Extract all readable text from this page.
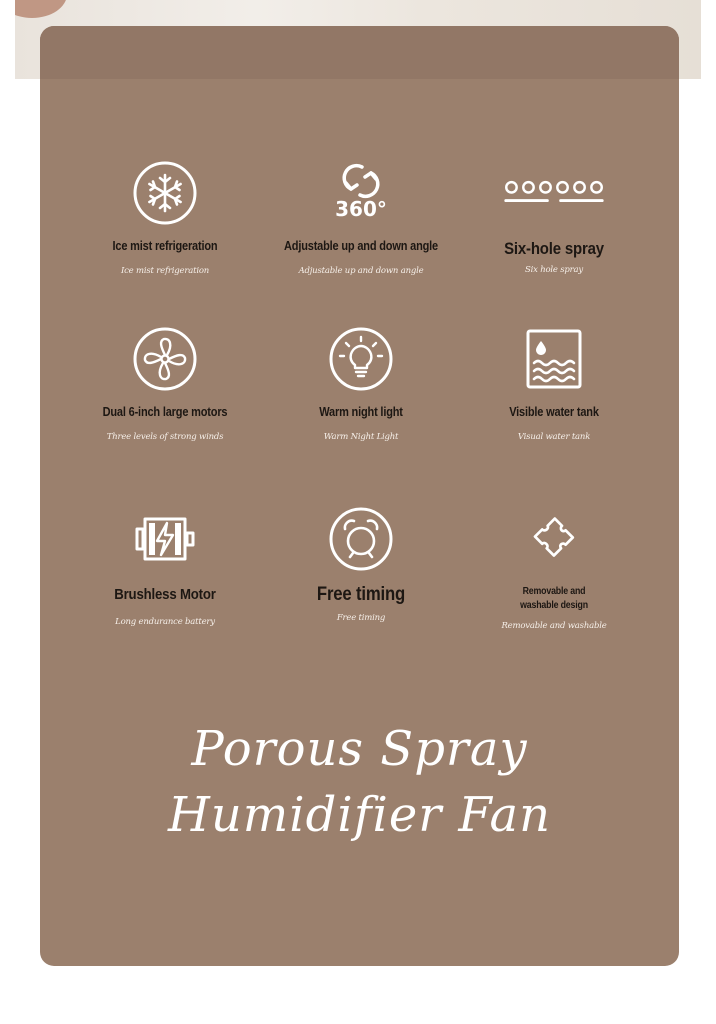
Ice mist refrigeration
Ice mist refrigeration
360°
Adjustable up and down angle
Adjustable up and down angle
Six-hole spray
Six hole spray
Dual 6-inch large motors
Three levels of strong winds
Warm night light
Warm Night Light
Visible water tank
Visual water tank
Brushless Motor
Long endurance battery
Free timing
Free timing
Removable and washable design
Removable and washable
Porous Spray
Humidifier Fan
